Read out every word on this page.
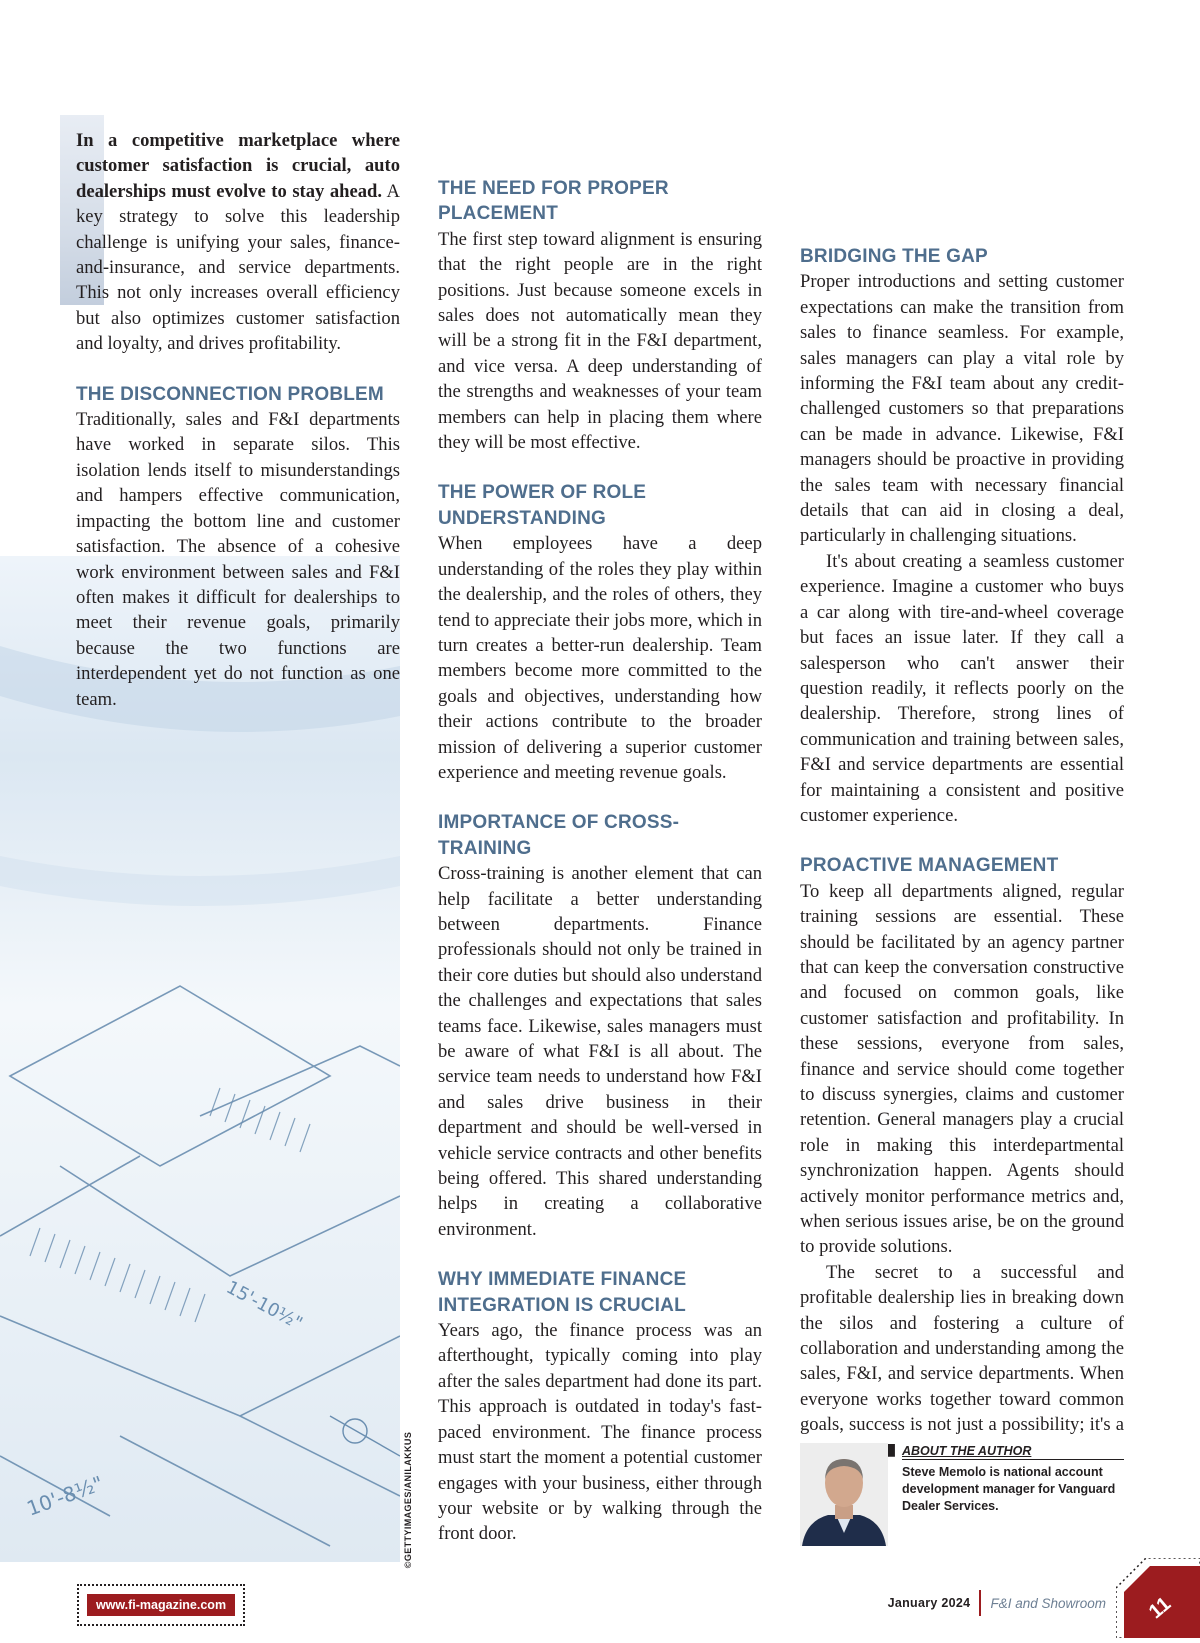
15'-10½"
10'-8½"	©GETTYIMAGES/ANILAKKUS

In a competitive marketplace where customer satisfaction is crucial, auto dealerships must evolve to stay ahead. A key strategy to solve this leadership challenge is unifying your sales, finance-and-insurance, and service departments. This not only increases overall efficiency but also optimizes customer satisfaction and loyalty, and drives profitability.

THE DISCONNECTION PROBLEM

Traditionally, sales and F&I departments have worked in separate silos. This isolation lends itself to misunderstandings and hampers effective communication, impacting the bottom line and customer satisfaction. The absence of a cohesive work environment between sales and F&I often makes it difficult for dealerships to meet their revenue goals, primarily because the two functions are interdependent yet do not function as one team.

THE NEED FOR PROPER PLACEMENT

The first step toward alignment is ensuring that the right people are in the right positions. Just because someone excels in sales does not automatically mean they will be a strong fit in the F&I department, and vice versa. A deep understanding of the strengths and weaknesses of your team members can help in placing them where they will be most effective.

THE POWER OF ROLE UNDERSTANDING

When employees have a deep understanding of the roles they play within the dealership, and the roles of others, they tend to appreciate their jobs more, which in turn creates a better-run dealership. Team members become more committed to the goals and objectives, understanding how their actions contribute to the broader mission of delivering a superior customer experience and meeting revenue goals.

IMPORTANCE OF CROSS-TRAINING

Cross-training is another element that can help facilitate a better understanding between departments. Finance professionals should not only be trained in their core duties but should also understand the challenges and expectations that sales teams face. Likewise, sales managers must be aware of what F&I is all about. The service team needs to understand how F&I and sales drive business in their department and should be well-versed in vehicle service contracts and other benefits being offered. This shared understanding helps in creating a collaborative environment.

WHY IMMEDIATE FINANCE INTEGRATION IS CRUCIAL

Years ago, the finance process was an afterthought, typically coming into play after the sales department had done its part. This approach is outdated in today's fast-paced environment. The finance process must start the moment a potential customer engages with your business, either through your website or by walking through the front door.

BRIDGING THE GAP

Proper introductions and setting customer expectations can make the transition from sales to finance seamless. For example, sales managers can play a vital role by informing the F&I team about any credit-challenged customers so that preparations can be made in advance. Likewise, F&I managers should be proactive in providing the sales team with necessary financial details that can aid in closing a deal, particularly in challenging situations.

It's about creating a seamless customer experience. Imagine a customer who buys a car along with tire-and-wheel coverage but faces an issue later. If they call a salesperson who can't answer their question readily, it reflects poorly on the dealership. Therefore, strong lines of communication and training between sales, F&I and service departments are essential for maintaining a consistent and positive customer experience.

PROACTIVE MANAGEMENT

To keep all departments aligned, regular training sessions are essential. These should be facilitated by an agency partner that can keep the conversation constructive and focused on common goals, like customer satisfaction and profitability. In these sessions, everyone from sales, finance and service should come together to discuss synergies, claims and customer retention. General managers play a crucial role in making this interdepartmental synchronization happen. Agents should actively monitor performance metrics and, when serious issues arise, be on the ground to provide solutions.

The secret to a successful and profitable dealership lies in breaking down the silos and fostering a culture of collaboration and understanding among the sales, F&I, and service departments. When everyone works together toward common goals, success is not just a possibility; it's a

ABOUT THE AUTHOR
Steve Memolo is national account development manager for Vanguard Dealer Services.
www.fi-magazine.com	January 2024 F&I and Showroom 11
